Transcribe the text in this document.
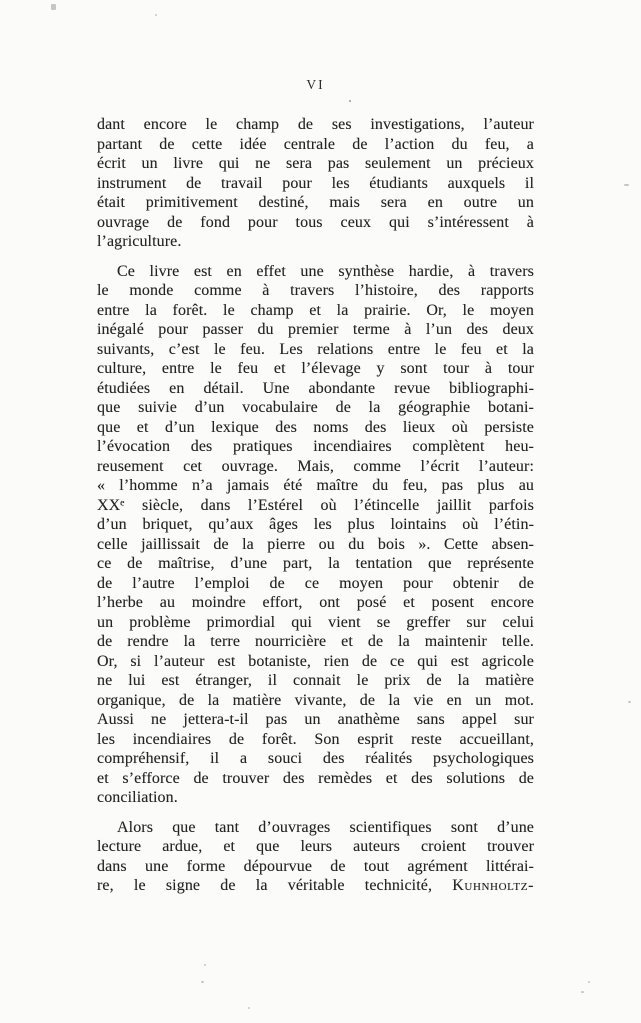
VI
dant encore le champ de ses investigations, l’auteur
partant de cette idée centrale de l’action du feu, a
écrit un livre qui ne sera pas seulement un précieux
instrument de travail pour les étudiants auxquels il
était primitivement destiné, mais sera en outre un
ouvrage de fond pour tous ceux qui s’intéressent à
l’agriculture.
Ce livre est en effet une synthèse hardie, à travers
le monde comme à travers l’histoire, des rapports
entre la forêt. le champ et la prairie. Or, le moyen
inégalé pour passer du premier terme à l’un des deux
suivants, c’est le feu. Les relations entre le feu et la
culture, entre le feu et l’élevage y sont tour à tour
étudiées en détail. Une abondante revue bibliographi-
que suivie d’un vocabulaire de la géographie botani-
que et d’un lexique des noms des lieux où persiste
l’évocation des pratiques incendiaires complètent heu-
reusement cet ouvrage. Mais, comme l’écrit l’auteur:
« l’homme n’a jamais été maître du feu, pas plus au
XXᵉ siècle, dans l’Estérel où l’étincelle jaillit parfois
d’un briquet, qu’aux âges les plus lointains où l’étin-
celle jaillissait de la pierre ou du bois ». Cette absen-
ce de maîtrise, d’une part, la tentation que représente
de l’autre l’emploi de ce moyen pour obtenir de
l’herbe au moindre effort, ont posé et posent encore
un problème primordial qui vient se greffer sur celui
de rendre la terre nourricière et de la maintenir telle.
Or, si l’auteur est botaniste, rien de ce qui est agricole
ne lui est étranger, il connait le prix de la matière
organique, de la matière vivante, de la vie en un mot.
Aussi ne jettera-t-il pas un anathème sans appel sur
les incendiaires de forêt. Son esprit reste accueillant,
compréhensif, il a souci des réalités psychologiques
et s’efforce de trouver des remèdes et des solutions de
conciliation.
Alors que tant d’ouvrages scientifiques sont d’une
lecture ardue, et que leurs auteurs croient trouver
dans une forme dépourvue de tout agrément littérai-
re, le signe de la véritable technicité, Kuhnholtz-
